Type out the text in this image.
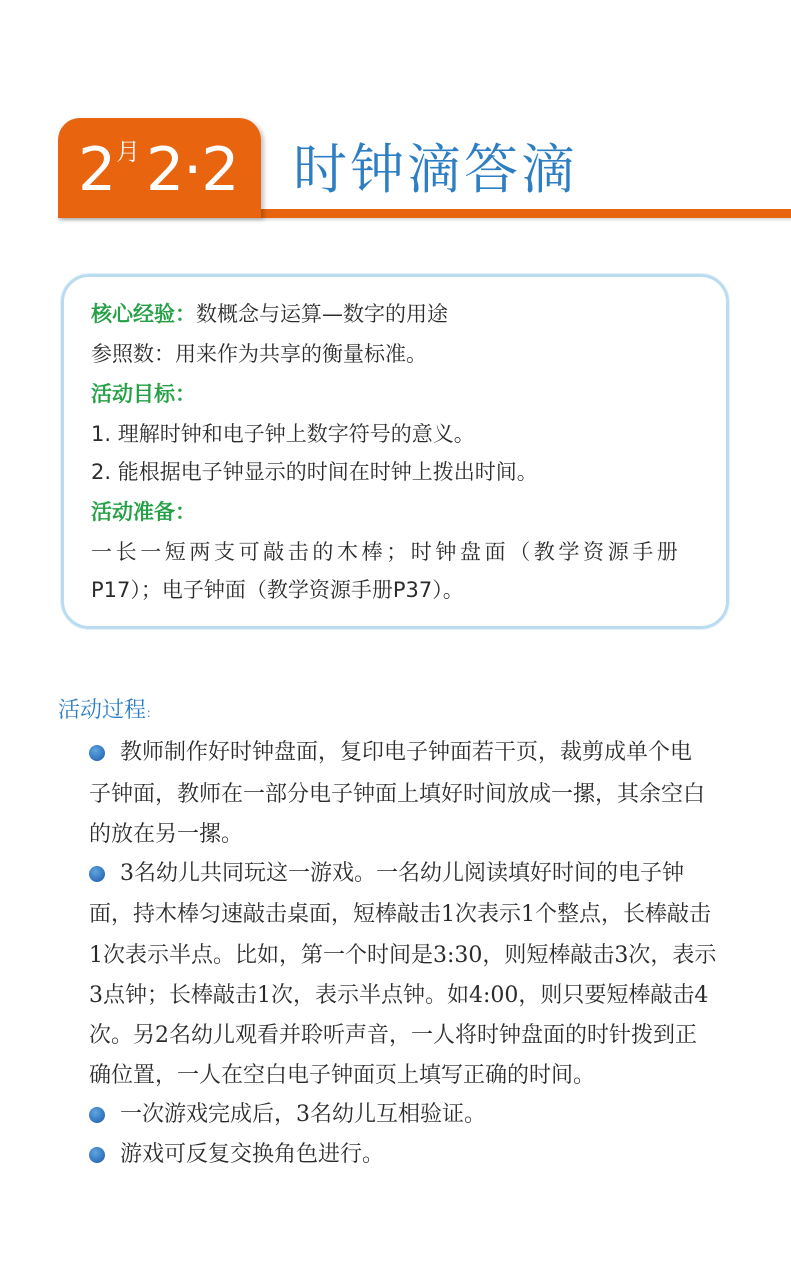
2 月 2·2 时钟滴答滴
核心经验：数概念与运算—数字的用途
参照数：用来作为共享的衡量标准。
活动目标：
1. 理解时钟和电子钟上数字符号的意义。
2. 能根据电子钟显示的时间在时钟上拨出时间。
活动准备：
一长一短两支可敲击的木棒；时钟盘面（教学资源手册
P17）；电子钟面（教学资源手册P37）。
活动过程：
教师制作好时钟盘面，复印电子钟面若干页，裁剪成单个电
子钟面，教师在一部分电子钟面上填好时间放成一摞，其余空白
的放在另一摞。
3名幼儿共同玩这一游戏。一名幼儿阅读填好时间的电子钟
面，持木棒匀速敲击桌面，短棒敲击1次表示1个整点，长棒敲击
1次表示半点。比如，第一个时间是3:30，则短棒敲击3次，表示
3点钟；长棒敲击1次，表示半点钟。如4:00，则只要短棒敲击4
次。另2名幼儿观看并聆听声音，一人将时钟盘面的时针拨到正
确位置，一人在空白电子钟面页上填写正确的时间。
一次游戏完成后，3名幼儿互相验证。
游戏可反复交换角色进行。
